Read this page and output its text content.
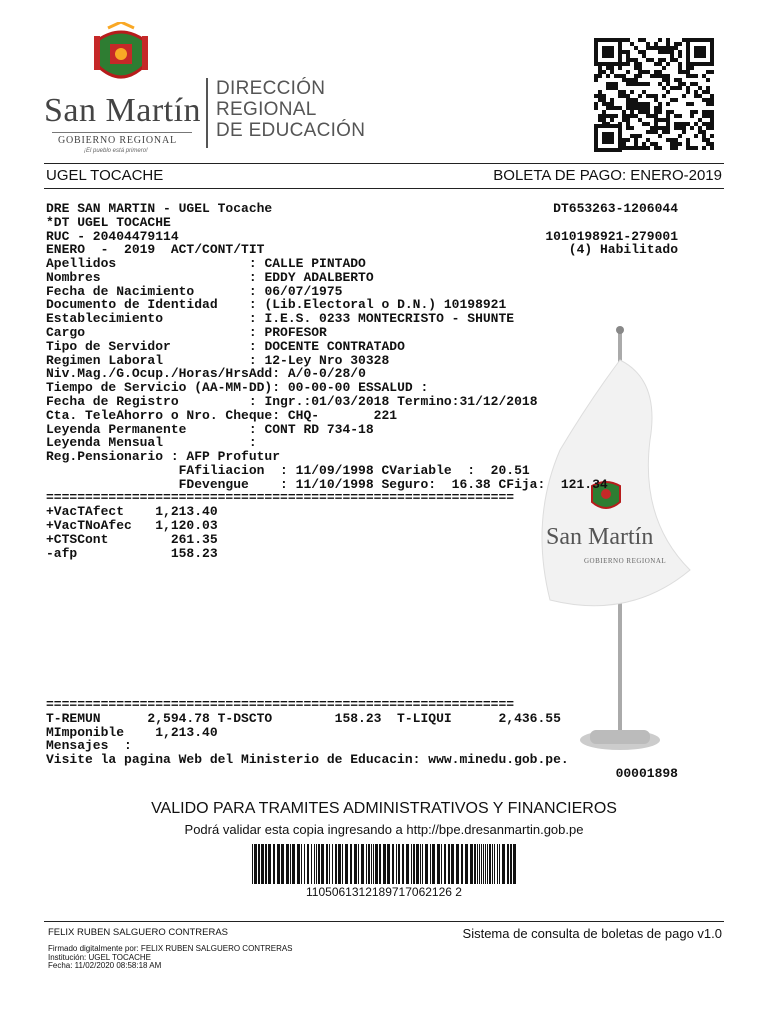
San Martín
GOBIERNO REGIONAL
¡El pueblo está primero!
DIRECCIÓN
REGIONAL
DE EDUCACIÓN
UGEL TOCACHE	BOLETA DE PAGO: ENERO-2019
San Martín
GOBIERNO REGIONAL
DRE SAN MARTIN - UGEL Tocache
*DT UGEL TOCACHE
RUC - 20404479114
ENERO  -  2019  ACT/CONT/TIT
DT653263-1206044
1010198921-279001
(4) Habilitado
Apellidos                 : CALLE PINTADO
Nombres                   : EDDY ADALBERTO
Fecha de Nacimiento       : 06/07/1975
Documento de Identidad    : (Lib.Electoral o D.N.) 10198921
Establecimiento           : I.E.S. 0233 MONTECRISTO - SHUNTE
Cargo                     : PROFESOR
Tipo de Servidor          : DOCENTE CONTRATADO
Regimen Laboral           : 12-Ley Nro 30328
Niv.Mag./G.Ocup./Horas/HrsAdd: A/0-0/28/0
Tiempo de Servicio (AA-MM-DD): 00-00-00 ESSALUD :
Fecha de Registro         : Ingr.:01/03/2018 Termino:31/12/2018
Cta. TeleAhorro o Nro. Cheque: CHQ-       221
Leyenda Permanente        : CONT RD 734-18
Leyenda Mensual           :
Reg.Pensionario : AFP Profutur
FAfiliacion  : 11/09/1998 CVariable  :  20.51
FDevengue    : 11/10/1998 Seguro:  16.38 CFija:  121.34
============================================================
+VacTAfect    1,213.40
+VacTNoAfec   1,120.03
+CTSCont        261.35
-afp            158.23
============================================================
T-REMUN      2,594.78 T-DSCTO        158.23  T-LIQUI      2,436.55
MImponible    1,213.40
Mensajes  :
Visite la pagina Web del Ministerio de Educacin: www.minedu.gob.pe.
00001898
VALIDO PARA TRAMITES ADMINISTRATIVOS Y FINANCIEROS
Podrá validar esta copia ingresando a http://bpe.dresanmartin.gob.pe
1105061312189717062126 2
FELIX RUBEN SALGUERO CONTRERAS	Sistema de consulta de boletas de pago v1.0
Firmado digitalmente por: FELIX RUBEN SALGUERO CONTRERAS
Institución: UGEL TOCACHE
Fecha: 11/02/2020 08:58:18 AM
